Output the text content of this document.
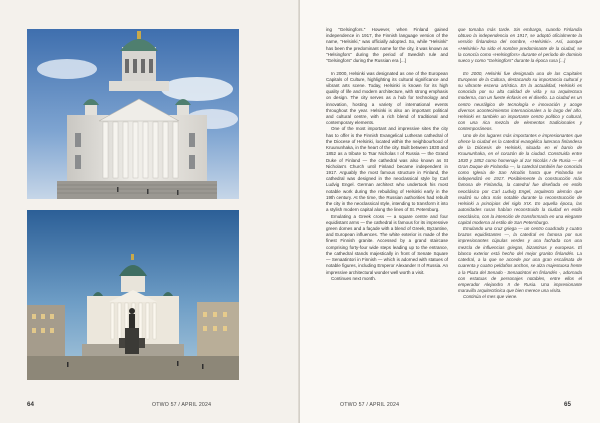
64	OTWO 57 / APRIL 2024	OTWO 57 / APRIL 2024	65

ing "Gelsingfors." However, when Finland gained independence in 1917, the Finnish language version of the name, "Helsinki," was officially adopted. So, while "Helsinki" has been the predominant name for the city, it was known as "Helsingfors" during the period of Swedish rule and "Gelsingfors" during the Russian era [...]

In 2000, Helsinki was designated as one of the European Capitals of Culture, highlighting its cultural significance and vibrant arts scene. Today, Helsinki is known for its high quality of life and modern architecture, with strong emphasis on design. The city serves as a hub for technology and innovation, hosting a variety of international events throughout the year. Helsinki is also an important political and cultural centre, with a rich blend of traditional and contemporary elements.

One of the most important and impressive sites the city has to offer is the Finnish Evangelical Lutheran cathedral of the Diocese of Helsinki, located within the neighbourhood of Kruununhaka, in the heart of the city. Built between 1830 and 1852 as a tribute to Tsar Nicholas I of Russia — the Grand Duke of Finland — the cathedral was also known as St Nicholas's Church until Finland became independent in 1917. Arguably the most famous structure in Finland, the cathedral was designed in the neoclassical style by Carl Ludvig Engel. German architect who undertook his most notable work during the rebuilding of Helsinki early in the 19th century. At the time, the Russian authorities had rebuilt the city in the neoclassical style, intending to transform it into a stylish modern capital along the lines of St. Petersburg.

Emulating a Greek cross — a square centre and four equidistant arms — the cathedral is famous for its impressive green domes and a façade with a blend of Greek, Byzantine, and European influences. The white exterior is made of the finest Finnish granite. Accessed by a grand staircase comprising forty-four wide steps leading up to the entrance, the cathedral stands majestically in front of Senate Square — Senaatintori in Finnish — which is adorned with statues of notable figures, including Emperor Alexander II of Russia. An impressive architectural wonder well worth a visit.

Continues next month.

que tomaba más tarde. Sin embargo, cuando Finlandia obtuvo la independencia en 1917, se adoptó oficialmente la versión finlandesa del nombre, «Helsinki». Así, aunque «Helsinki» ha sido el nombre predominante de la ciudad, se la conocía como «Helsingfors» durante el período de dominio sueco y como "Gelsingfors" durante la época rusa [...]

En 2000, Helsinki fue designada una de las Capitales Europeas de la Cultura, destacando su importancia cultural y su vibrante escena artística. En la actualidad, Helsinki es conocida por su alta calidad de vida y su arquitectura moderna, con un fuerte énfasis en el diseño. La ciudad es un centro neurálgico de tecnología e innovación y acoge diversos acontecimientos internacionales a lo largo del año. Helsinki es también un importante centro político y cultural, con una rica mezcla de elementos tradicionales y contemporáneos.

Uno de los lugares más importantes e impresionantes que ofrece la ciudad es la catedral evangélica luterana finlandesa de la Diócesis de Helsinki, situada en el barrio de Kruununhaka, en el corazón de la ciudad. Construida entre 1830 y 1852 como homenaje al zar Nicolás I de Rusia — el Gran Duque de Finlandia —, la catedral también fue conocida como Iglesia de San Nicolás hasta que Finlandia se independizó en 1917. Posiblemente la construcción más famosa de Finlandia, la catedral fue diseñada en estilo neoclásico por Carl Ludvig Engel, arquitecto alemán que realizó su obra más notable durante la reconstrucción de Helsinki a principios del siglo XIX. En aquella época, las autoridades rusas habían reconstruido la ciudad en estilo neoclásico, con la intención de transformarla en una elegante capital moderna al estilo de San Petersburgo.

Emulando una cruz griega — un centro cuadrado y cuatro brazos equidistantes —, la catedral es famosa por sus impresionantes cúpulas verdes y una fachada con una mezcla de influencias griegas, bizantinas y europeas. El blanco exterior está hecho del mejor granito finlandés. La catedral, a la que se accede por una gran escalinata de cuarenta y cuatro peldaños anchos, se alza majestuosa frente a la Plaza del Senado - Senaatintori en finlandés -, adornada con estatuas de personajes notables, entre ellos el emperador Alejandro II de Rusia. Una impresionante maravilla arquitectónica que bien merece una visita.

Continúa el mes que viene.
